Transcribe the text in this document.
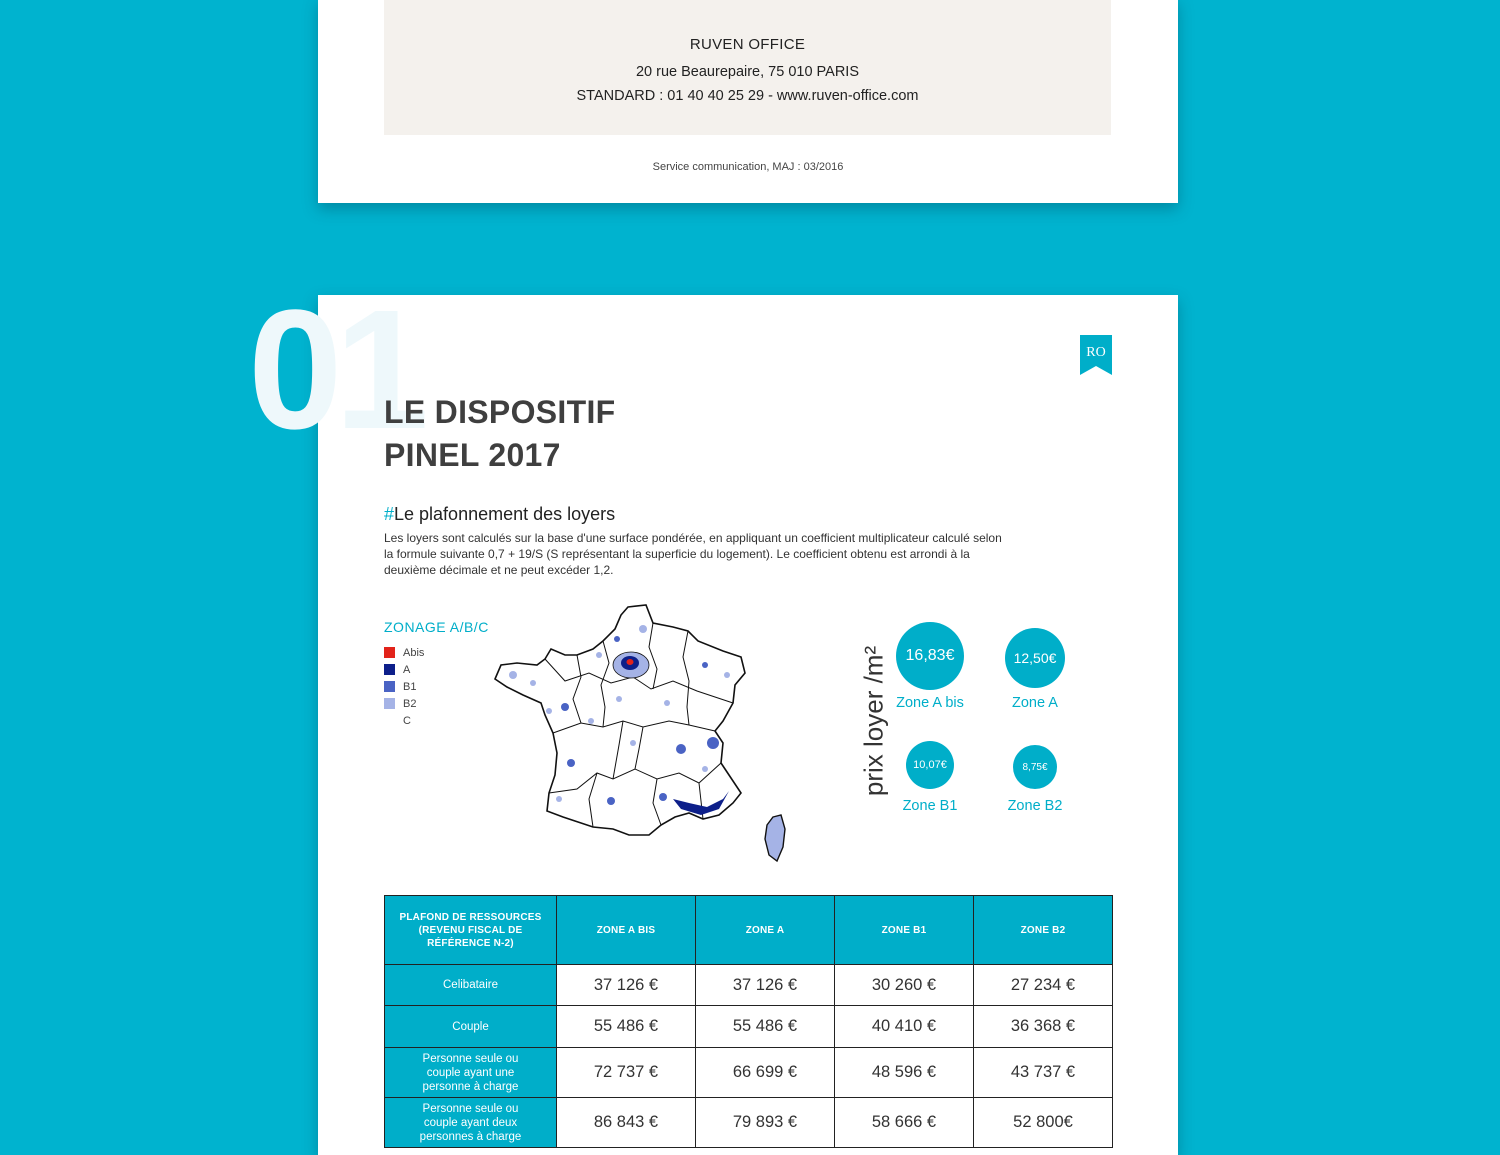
RUVEN OFFICE
20 rue Beaurepaire, 75 010 PARIS
STANDARD : 01 40 40 25 29 - www.ruven-office.com
Service communication, MAJ : 03/2016
01	RO
LE DISPOSITIF
PINEL 2017
#Le plafonnement des loyers
Les loyers sont calculés sur la base d'une surface pondérée, en appliquant un coefficient multiplicateur calculé selon la formule suivante 0,7 + 19/S (S représentant la superficie du logement). Le coefficient obtenu est arrondi à la deuxième décimale et ne peut excéder 1,2.
ZONAGE A/B/C
Abis
A
B1
B2
C	prix loyer /m²	16,83€
Zone A bis
12,50€
Zone A
10,07€
Zone B1
8,75€
Zone B2
PLAFOND DE RESSOURCES (REVENU FISCAL DE RÉFÉRENCE N-2)	ZONE A BIS	ZONE A	ZONE B1	ZONE B2
Celibataire	37 126 €	37 126 €	30 260 €	27 234 €
Couple	55 486 €	55 486 €	40 410 €	36 368 €
Personne seule ou couple ayant une personne à charge	72 737 €	66 699 €	48 596 €	43 737 €
Personne seule ou couple ayant deux personnes à charge	86 843 €	79 893 €	58 666 €	52 800€
